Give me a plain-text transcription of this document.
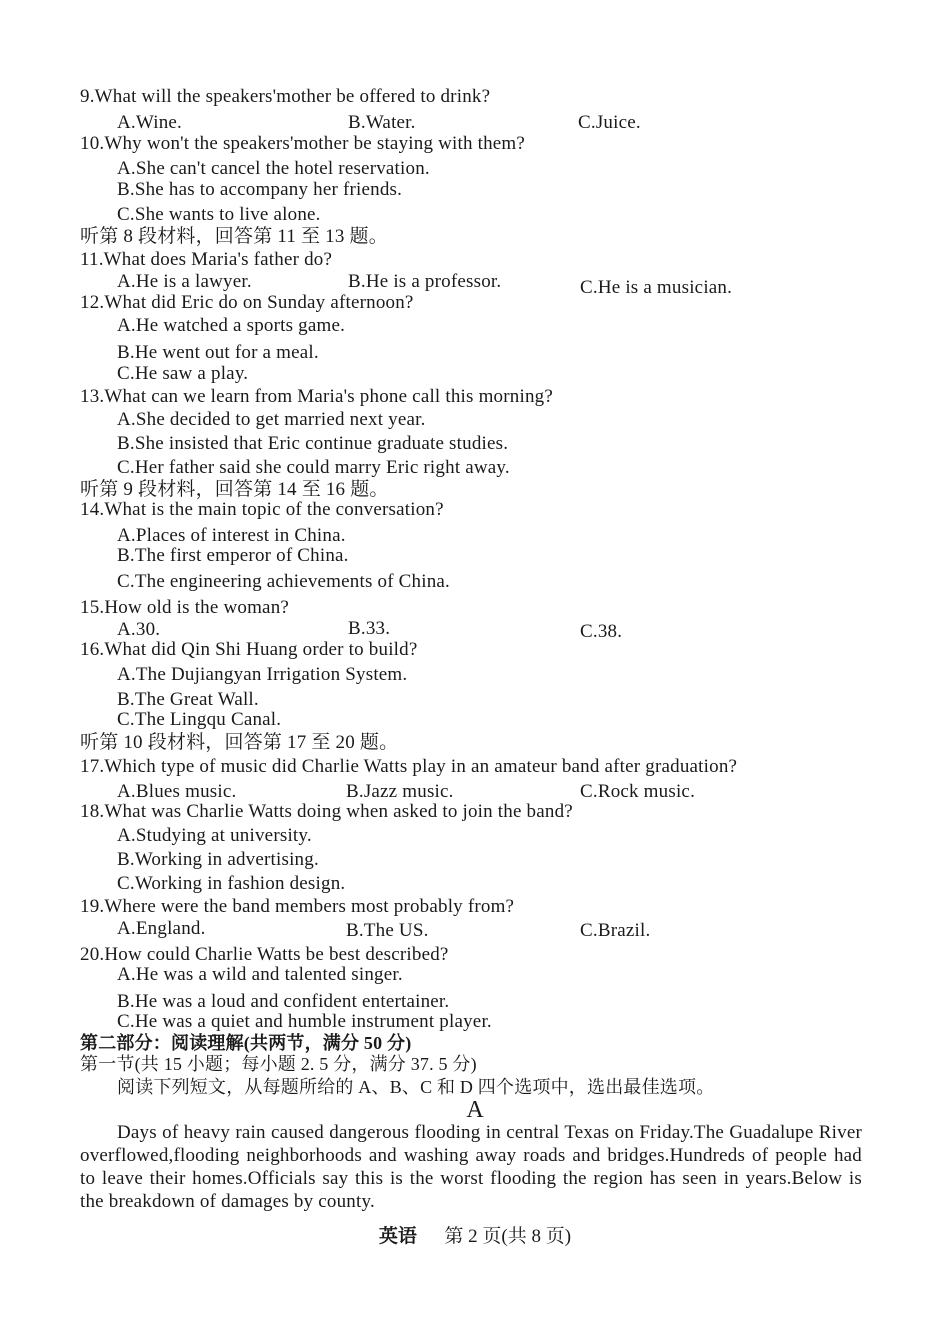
9.What will the speakers'mother be offered to drink?
A.Wine.	B.Water.	C.Juice.
10.Why won't the speakers'mother be staying with them?
A.She can't cancel the hotel reservation.
B.She has to accompany her friends.
C.She wants to live alone.
听第 8 段材料，回答第 11 至 13 题。
11.What does Maria's father do?
A.He is a lawyer.	B.He is a professor.	C.He is a musician.
12.What did Eric do on Sunday afternoon?
A.He watched a sports game.
B.He went out for a meal.
C.He saw a play.
13.What can we learn from Maria's phone call this morning?
A.She decided to get married next year.
B.She insisted that Eric continue graduate studies.
C.Her father said she could marry Eric right away.
听第 9 段材料，回答第 14 至 16 题。
14.What is the main topic of the conversation?
A.Places of interest in China.
B.The first emperor of China.
C.The engineering achievements of China.
15.How old is the woman?
A.30.	B.33.	C.38.
16.What did Qin Shi Huang order to build?
A.The Dujiangyan Irrigation System.
B.The Great Wall.
C.The Lingqu Canal.
听第 10 段材料，回答第 17 至 20 题。
17.Which type of music did Charlie Watts play in an amateur band after graduation?
A.Blues music.	B.Jazz music.	C.Rock music.
18.What was Charlie Watts doing when asked to join the band?
A.Studying at university.
B.Working in advertising.
C.Working in fashion design.
19.Where were the band members most probably from?
A.England.	B.The US.	C.Brazil.
20.How could Charlie Watts be best described?
A.He was a wild and talented singer.
B.He was a loud and confident entertainer.
C.He was a quiet and humble instrument player.
第二部分：阅读理解(共两节，满分 50 分)
第一节(共 15 小题；每小题 2. 5 分，满分 37. 5 分)
阅读下列短文，从每题所给的 A、B、C 和 D 四个选项中，选出最佳选项。
A
Days of heavy rain caused dangerous flooding in central Texas on Friday.The Guadalupe River overflowed,flooding neighborhoods and washing away roads and bridges.Hundreds of people had to leave their homes.Officials say this is the worst flooding the region has seen in years.Below is the breakdown of damages by county.
英语 第 2 页(共 8 页)
